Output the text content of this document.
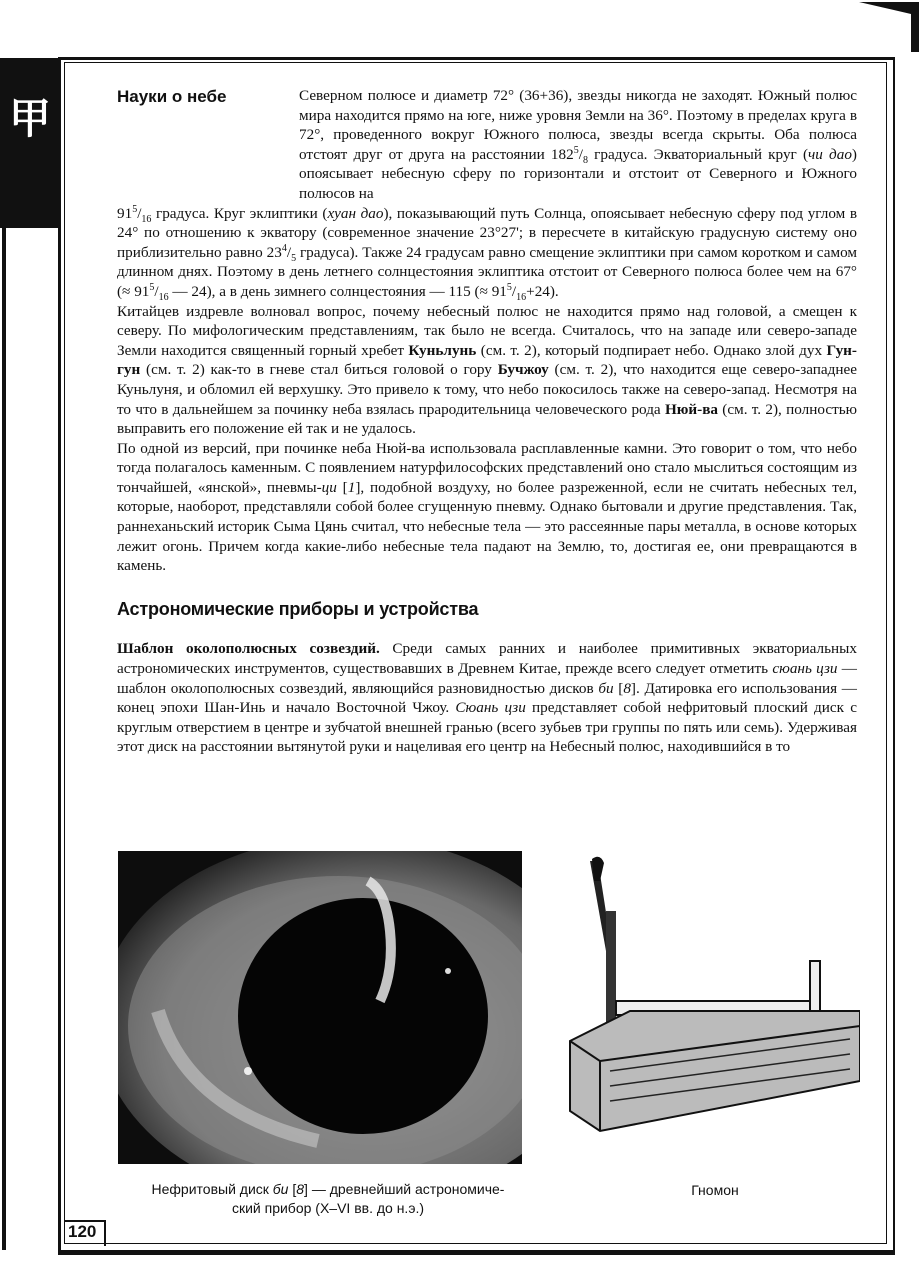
甲	Науки о небе	Северном полюсе и диаметр 72° (36+36), звезды никогда не заходят. Южный полюс мира находится прямо на юге, ниже уровня Земли на 36°. Поэтому в пределах круга в 72°, проведенного вокруг Южного полюса, звезды всегда скрыты. Оба полюса отстоят друг от друга на расстоянии $182^5/_8$ градуса. Экваториальный круг (чи дао) опоясывает небесную сферу по горизонтали и отстоит от Северного и Южного полюсов на

$91^5/_{16}$ градуса. Круг эклиптики (хуан дао), показывающий путь Солнца, опоясывает небесную сферу под углом в 24° по отношению к экватору (современное значение 23°27'; в пересчете в китайскую градусную систему оно приблизительно равно $23^4/_5$ градуса). Также 24 градусам равно смещение эклиптики при самом коротком и самом длинном днях. Поэтому в день летнего солнцестояния эклиптика отстоит от Северного полюса более чем на 67° (≈ $91^5/_{16}$ — 24), а в день зимнего солнцестояния — 115 (≈ $91^5/_{16}+24$).

Китайцев издревле волновал вопрос, почему небесный полюс не находится прямо над головой, а смещен к северу. По мифологическим представлениям, так было не всегда. Считалось, что на западе или северо-западе Земли находится священный горный хребет Куньлунь (см. т. 2), который подпирает небо. Однако злой дух Гун-гун (см. т. 2) как-то в гневе стал биться головой о гору Бучжоу (см. т. 2), что находится еще северо-западнее Куньлуня, и обломил ей верхушку. Это привело к тому, что небо покосилось также на северо-запад. Несмотря на то что в дальнейшем за починку неба взялась прародительница человеческого рода Нюй-ва (см. т. 2), полностью выправить его положение ей так и не удалось.

По одной из версий, при починке неба Нюй-ва использовала расплавленные камни. Это говорит о том, что небо тогда полагалось каменным. С появлением натурфилософских представлений оно стало мыслиться состоящим из тончайшей, «янской», пневмы-ци [1], подобной воздуху, но более разреженной, если не считать небесных тел, которые, наоборот, представляли собой более сгущенную пневму. Однако бытовали и другие представления. Так, раннеханьский историк Сыма Цянь считал, что небесные тела — это рассеянные пары металла, в основе которых лежит огонь. Причем когда какие-либо небесные тела падают на Землю, то, достигая ее, они превращаются в камень.

Астрономические приборы и устройства

Шаблон околополюсных созвездий. Среди самых ранних и наиболее примитивных экваториальных астрономических инструментов, существовавших в Древнем Китае, прежде всего следует отметить сюань цзи — шаблон околополюсных созвездий, являющийся разновидностью дисков би [8]. Датировка его использования — конец эпохи Шан-Инь и начало Восточной Чжоу. Сюань цзи представляет собой нефритовый плоский диск с круглым отверстием в центре и зубчатой внешней гранью (всего зубьев три группы по пять или семь). Удерживая этот диск на расстоянии вытянутой руки и нацеливая его центр на Небесный полюс, находившийся в то

Нефритовый диск би [8] — древнейший астрономиче-
ский прибор (X–VI вв. до н.э.)
Гномон
120
